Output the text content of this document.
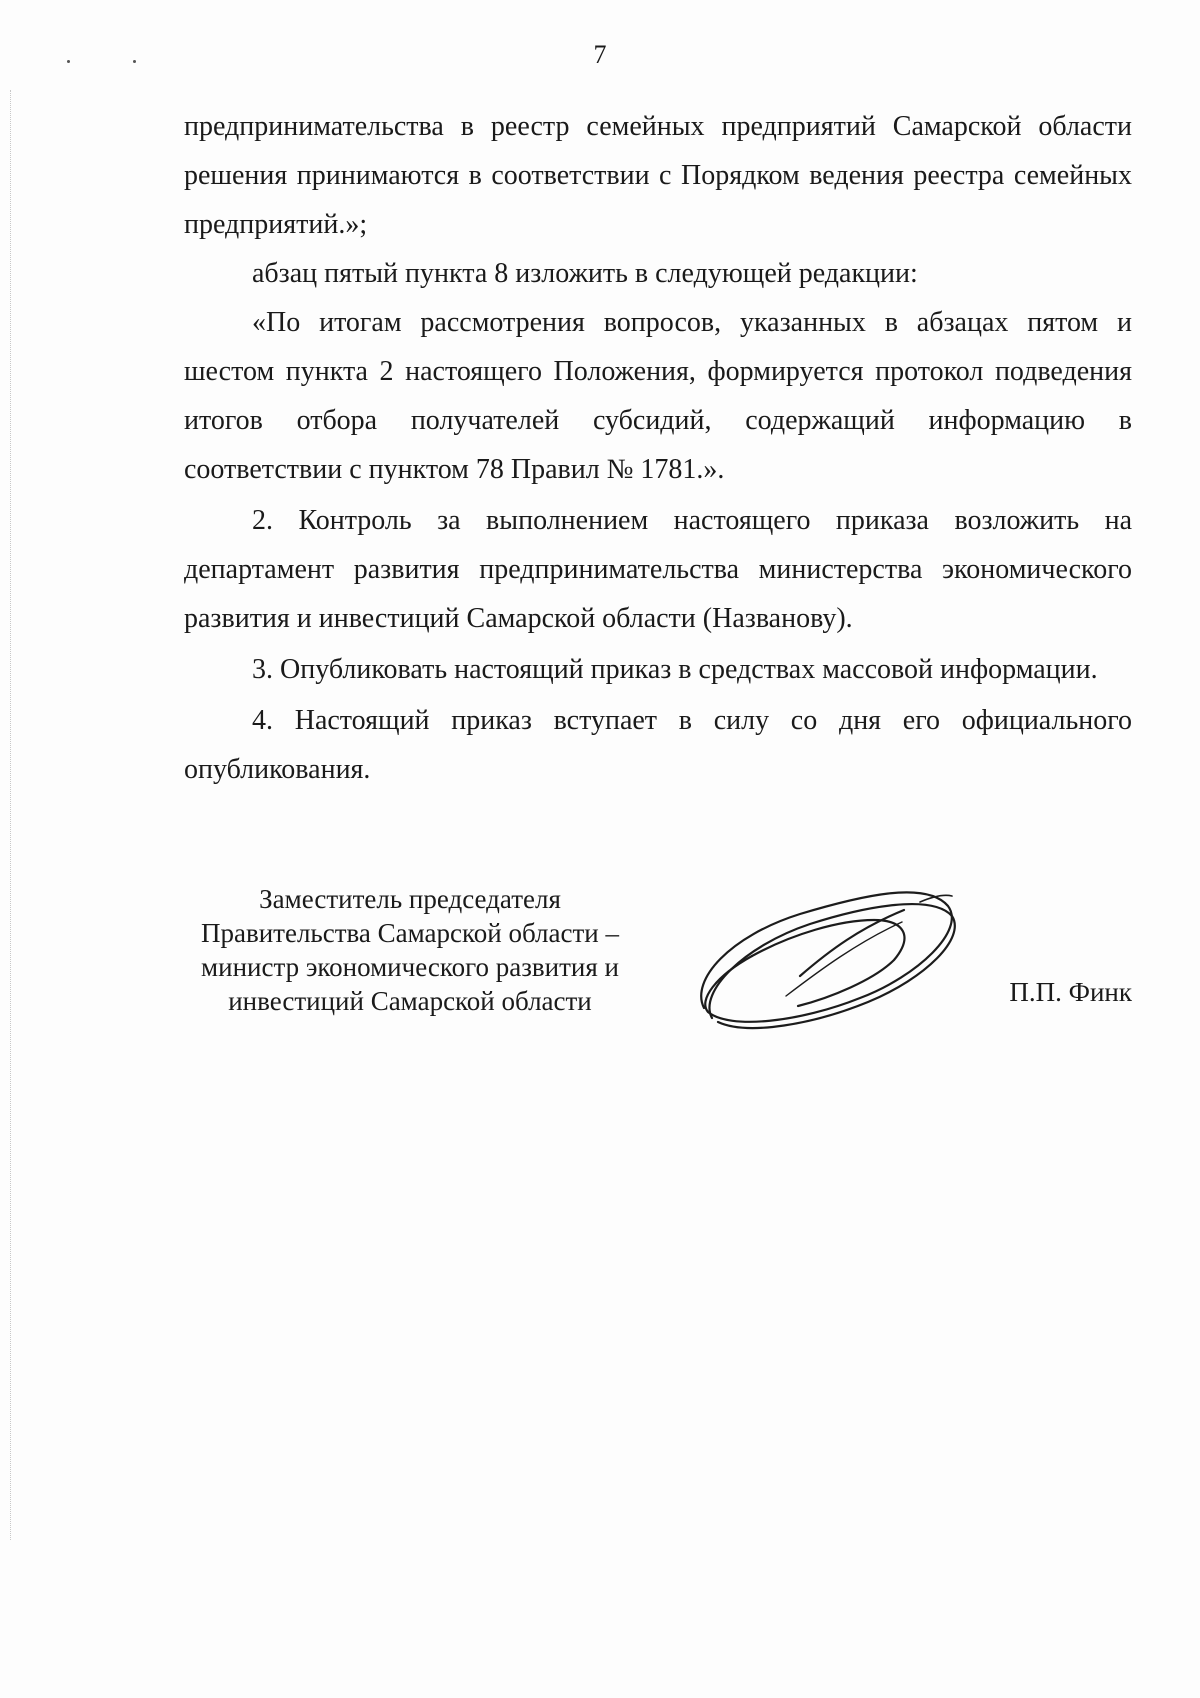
7

предпринимательства в реестр семейных предприятий Самарской области решения принимаются в соответствии с Порядком ведения реестра семейных предприятий.»;

абзац пятый пункта 8 изложить в следующей редакции:

«По итогам рассмотрения вопросов, указанных в абзацах пятом и шестом пункта 2 настоящего Положения, формируется протокол подведения итогов отбора получателей субсидий, содержащий информацию в соответствии с пунктом 78 Правил № 1781.».

2. Контроль за выполнением настоящего приказа возложить на департамент развития предпринимательства министерства экономического развития и инвестиций Самарской области (Названову).

3. Опубликовать настоящий приказ в средствах массовой информации.

4. Настоящий приказ вступает в силу со дня его официального опубликования.

Заместитель председателя
Правительства Самарской области –
министр экономического развития и
инвестиций Самарской области	П.П. Финк
